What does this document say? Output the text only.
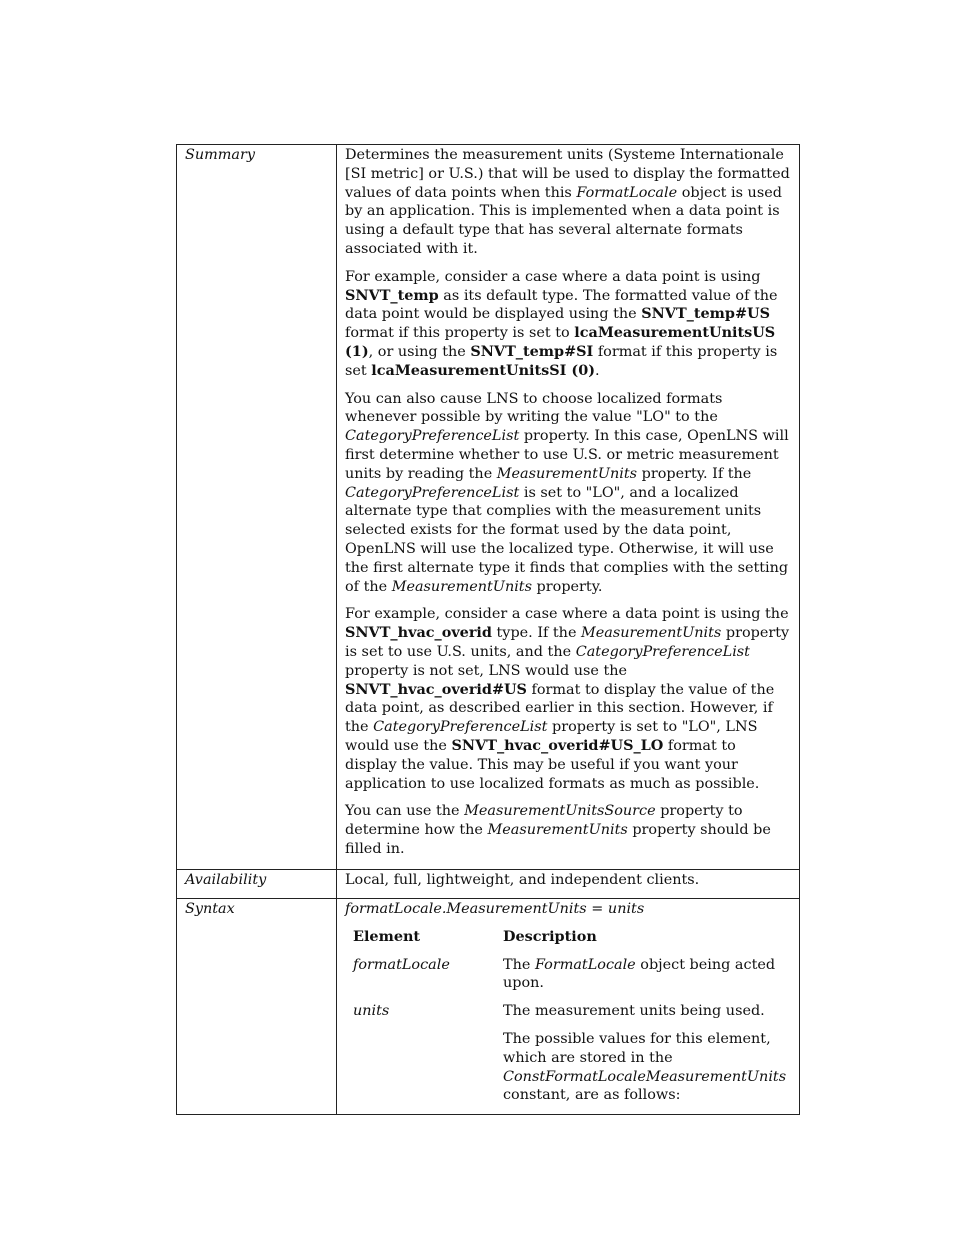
Summary	Determines the measurement units (Systeme Internationale [SI metric] or U.S.) that will be used to display the formatted values of data points when this FormatLocale object is used by an application. This is implemented when a data point is using a default type that has several alternate formats associated with it.

For example, consider a case where a data point is using SNVT_temp as its default type. The formatted value of the data point would be displayed using the SNVT_temp#US format if this property is set to lcaMeasurementUnitsUS (1), or using the SNVT_temp#SI format if this property is set lcaMeasurementUnitsSI (0).

You can also cause LNS to choose localized formats whenever possible by writing the value "LO" to the CategoryPreferenceList property. In this case, OpenLNS will first determine whether to use U.S. or metric measurement units by reading the MeasurementUnits property. If the CategoryPreferenceList is set to "LO", and a localized alternate type that complies with the measurement units selected exists for the format used by the data point, OpenLNS will use the localized type. Otherwise, it will use the first alternate type it finds that complies with the setting of the MeasurementUnits property.

For example, consider a case where a data point is using the SNVT_hvac_overid type. If the MeasurementUnits property is set to use U.S. units, and the CategoryPreferenceList property is not set, LNS would use the SNVT_hvac_overid#US format to display the value of the data point, as described earlier in this section. However, if the CategoryPreferenceList property is set to "LO", LNS would use the SNVT_hvac_overid#US_LO format to display the value. This may be useful if you want your application to use localized formats as much as possible.

You can use the MeasurementUnitsSource property to determine how the MeasurementUnits property should be filled in.

Availability	Local, full, lightweight, and independent clients.

Syntax	formatLocale.MeasurementUnits = units

Element	Description
formatLocale	The FormatLocale object being acted upon.
units	The measurement units being used.

The possible values for this element, which are stored in the ConstFormatLocaleMeasurementUnits constant, are as follows:
